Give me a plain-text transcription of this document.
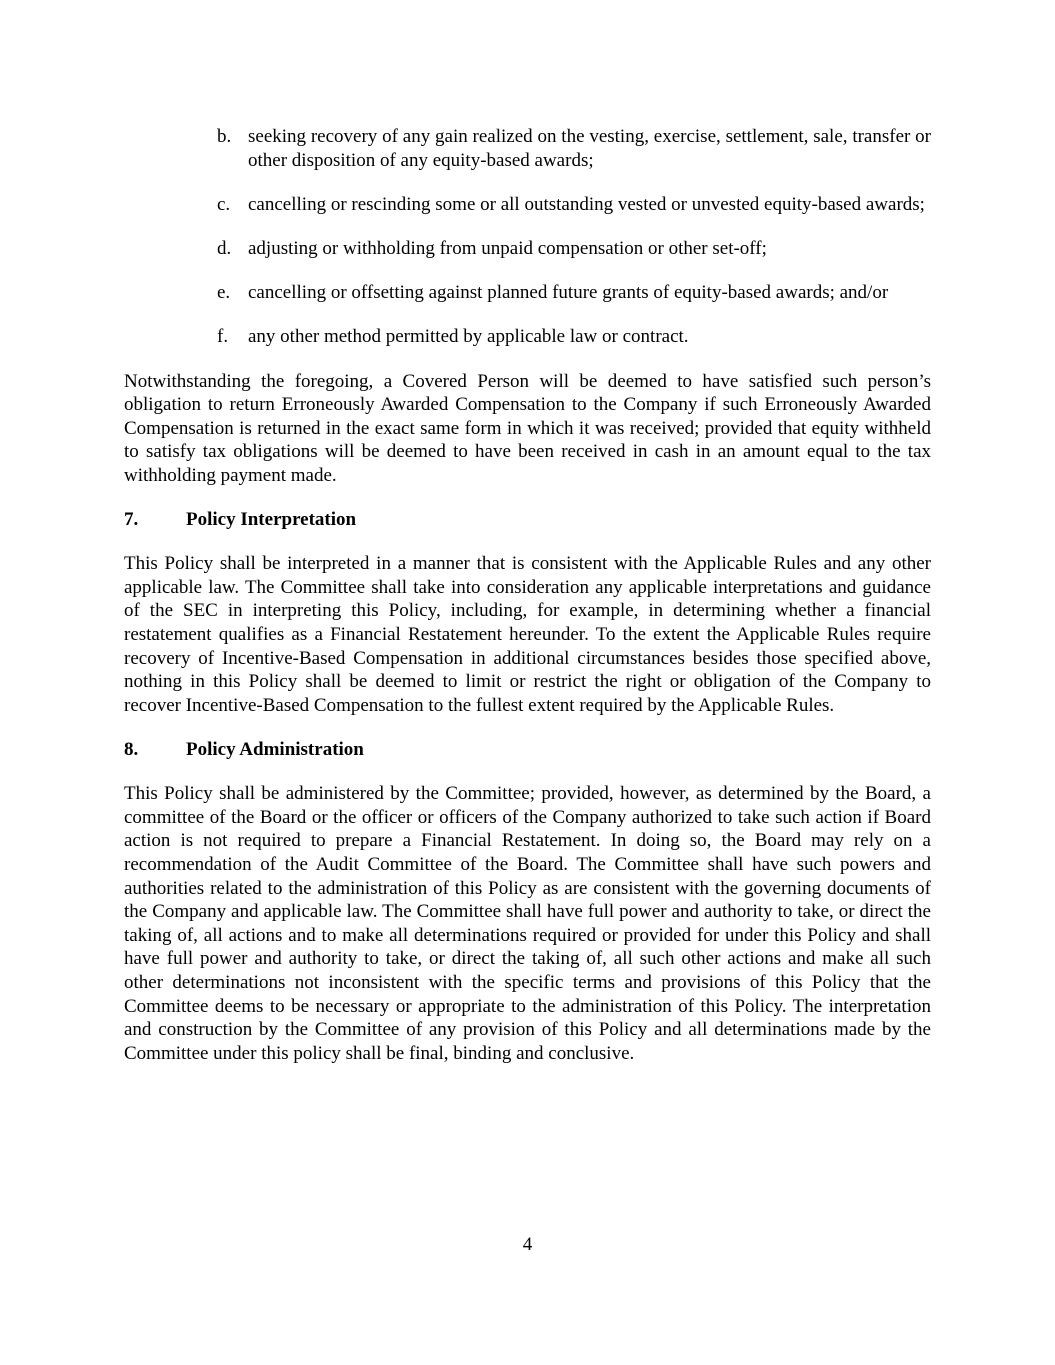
b. seeking recovery of any gain realized on the vesting, exercise, settlement, sale, transfer or other disposition of any equity-based awards;
c. cancelling or rescinding some or all outstanding vested or unvested equity-based awards;
d. adjusting or withholding from unpaid compensation or other set-off;
e. cancelling or offsetting against planned future grants of equity-based awards; and/or
f.	any other method permitted by applicable law or contract.

Notwithstanding the foregoing, a Covered Person will be deemed to have satisfied such person’s obligation to return Erroneously Awarded Compensation to the Company if such Erroneously Awarded Compensation is returned in the exact same form in which it was received; provided that equity withheld to satisfy tax obligations will be deemed to have been received in cash in an amount equal to the tax withholding payment made.

7.	Policy Interpretation

This Policy shall be interpreted in a manner that is consistent with the Applicable Rules and any other applicable law. The Committee shall take into consideration any applicable interpretations and guidance of the SEC in interpreting this Policy, including, for example, in determining whether a financial restatement qualifies as a Financial Restatement hereunder. To the extent the Applicable Rules require recovery of Incentive-Based Compensation in additional circumstances besides those specified above, nothing in this Policy shall be deemed to limit or restrict the right or obligation of the Company to recover Incentive-Based Compensation to the fullest extent required by the Applicable Rules.

8.	Policy Administration

This Policy shall be administered by the Committee; provided, however, as determined by the Board, a committee of the Board or the officer or officers of the Company authorized to take such action if Board action is not required to prepare a Financial Restatement. In doing so, the Board may rely on a recommendation of the Audit Committee of the Board. The Committee shall have such powers and authorities related to the administration of this Policy as are consistent with the governing documents of the Company and applicable law. The Committee shall have full power and authority to take, or direct the taking of, all actions and to make all determinations required or provided for under this Policy and shall have full power and authority to take, or direct the taking of, all such other actions and make all such other determinations not inconsistent with the specific terms and provisions of this Policy that the Committee deems to be necessary or appropriate to the administration of this Policy. The interpretation and construction by the Committee of any provision of this Policy and all determinations made by the Committee under this policy shall be final, binding and conclusive.

4
